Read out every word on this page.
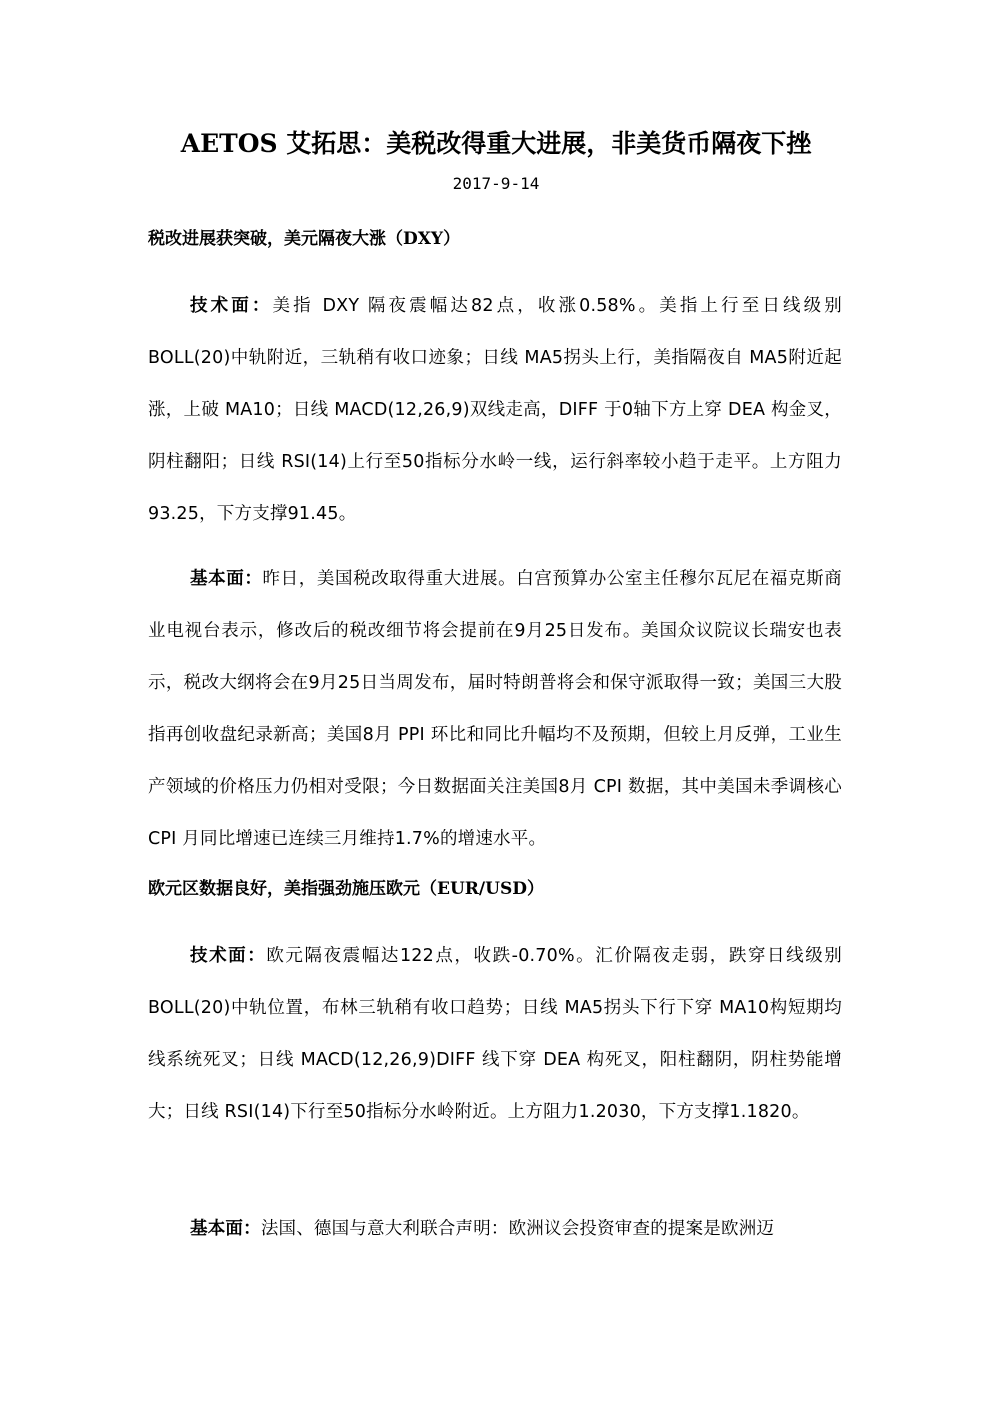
AETOS 艾拓思：美税改得重大进展，非美货币隔夜下挫
2017-9-14
税改进展获突破，美元隔夜大涨（DXY）
技术面：美指 DXY 隔夜震幅达82点，收涨0.58%。美指上行至日线级别 BOLL(20)中轨附近，三轨稍有收口迹象；日线 MA5拐头上行，美指隔夜自 MA5附近起涨，上破 MA10；日线 MACD(12,26,9)双线走高，DIFF 于0轴下方上穿 DEA 构金叉，阴柱翻阳；日线 RSI(14)上行至50指标分水岭一线，运行斜率较小趋于走平。上方阻力93.25，下方支撑91.45。
基本面：昨日，美国税改取得重大进展。白宫预算办公室主任穆尔瓦尼在福克斯商业电视台表示，修改后的税改细节将会提前在9月25日发布。美国众议院议长瑞安也表示，税改大纲将会在9月25日当周发布，届时特朗普将会和保守派取得一致；美国三大股指再创收盘纪录新高；美国8月 PPI 环比和同比升幅均不及预期，但较上月反弹，工业生产领域的价格压力仍相对受限；今日数据面关注美国8月 CPI 数据，其中美国未季调核心 CPI 月同比增速已连续三月维持1.7%的增速水平。
欧元区数据良好，美指强劲施压欧元（EUR/USD）
技术面：欧元隔夜震幅达122点，收跌-0.70%。汇价隔夜走弱，跌穿日线级别 BOLL(20)中轨位置，布林三轨稍有收口趋势；日线 MA5拐头下行下穿 MA10构短期均线系统死叉；日线 MACD(12,26,9)DIFF 线下穿 DEA 构死叉，阳柱翻阴，阴柱势能增大；日线 RSI(14)下行至50指标分水岭附近。上方阻力1.2030，下方支撑1.1820。
基本面：法国、德国与意大利联合声明：欧洲议会投资审查的提案是欧洲迈
